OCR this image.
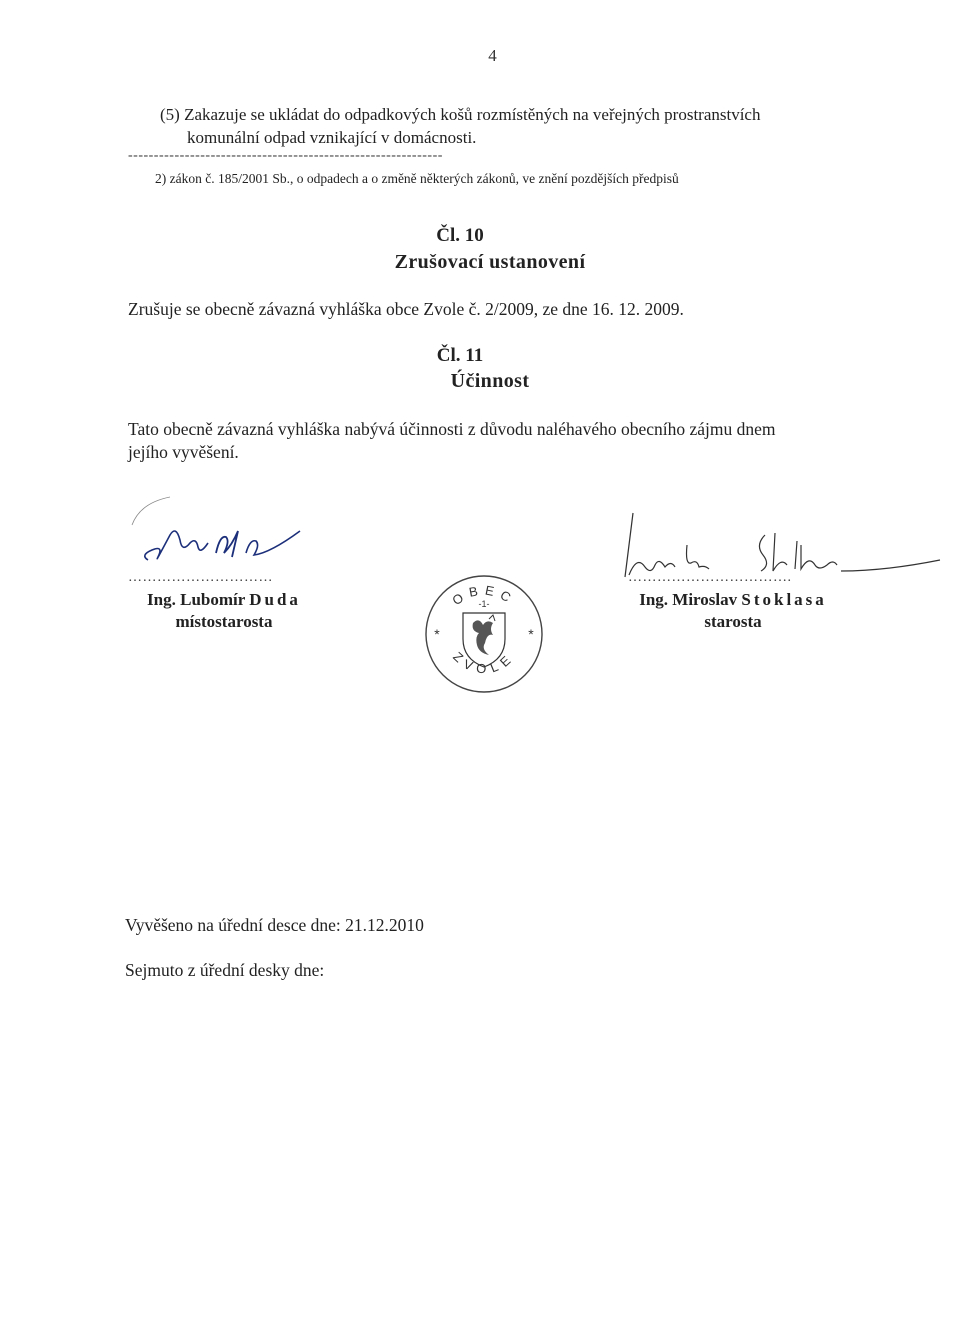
4
(5) Zakazuje se ukládat do odpadkových košů rozmístěných na veřejných prostranstvích
komunální odpad vznikající v domácnosti.
-------------------------------------------------------------
2) zákon č. 185/2001 Sb., o odpadech a o změně některých zákonů, ve znění pozdějších předpisů
Čl. 10
Zrušovací ustanovení
Zrušuje se obecně závazná vyhláška obce Zvole č. 2/2009, ze dne 16. 12. 2009.
Čl. 11
Účinnost
Tato obecně závazná vyhláška nabývá účinnosti z důvodu naléhavého obecního zájmu dnem
jejího vyvěšení.
…………………………
Ing. Lubomír Duda
místostarosta
…………………………….
Ing. Miroslav Stoklasa
starosta
OBEC
ZVOLE
-1-
*	*
Vyvěšeno na úřední desce dne: 21.12.2010
Sejmuto z úřední desky dne:
